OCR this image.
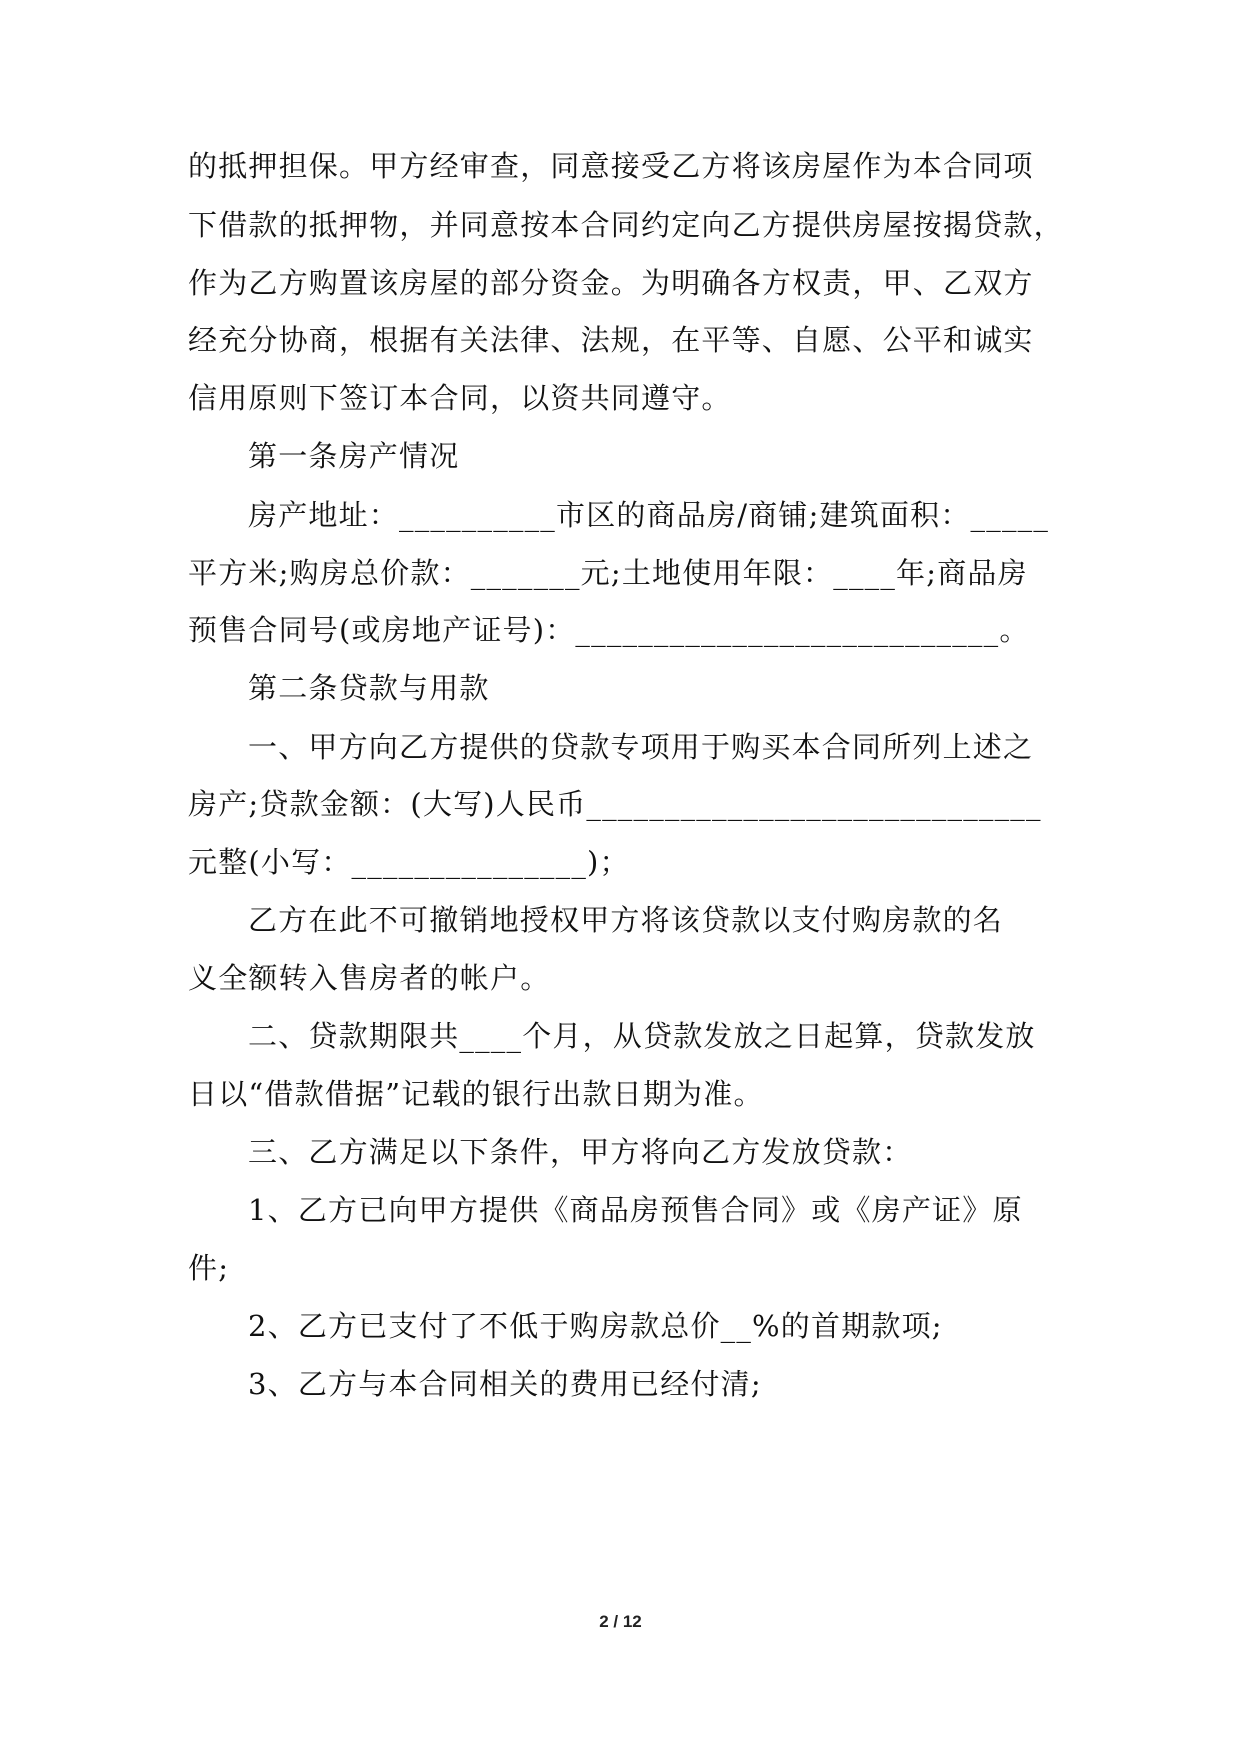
的抵押担保。甲方经审查，同意接受乙方将该房屋作为本合同项
下借款的抵押物，并同意按本合同约定向乙方提供房屋按揭贷款，
作为乙方购置该房屋的部分资金。为明确各方权责，甲、乙双方
经充分协商，根据有关法律、法规，在平等、自愿、公平和诚实
信用原则下签订本合同，以资共同遵守。
第一条房产情况
房产地址：__________市区的商品房/商铺;建筑面积：_____
平方米;购房总价款：_______元;土地使用年限：____年;商品房
预售合同号(或房地产证号)：___________________________。
第二条贷款与用款
一、甲方向乙方提供的贷款专项用于购买本合同所列上述之
房产;贷款金额：(大写)人民币_____________________________
元整(小写：_______________)；
乙方在此不可撤销地授权甲方将该贷款以支付购房款的名
义全额转入售房者的帐户。
二、贷款期限共____个月，从贷款发放之日起算，贷款发放
日以“借款借据”记载的银行出款日期为准。
三、乙方满足以下条件，甲方将向乙方发放贷款：
1、乙方已向甲方提供《商品房预售合同》或《房产证》原
件;
2、乙方已支付了不低于购房款总价__%的首期款项;
3、乙方与本合同相关的费用已经付清;
2 / 12
